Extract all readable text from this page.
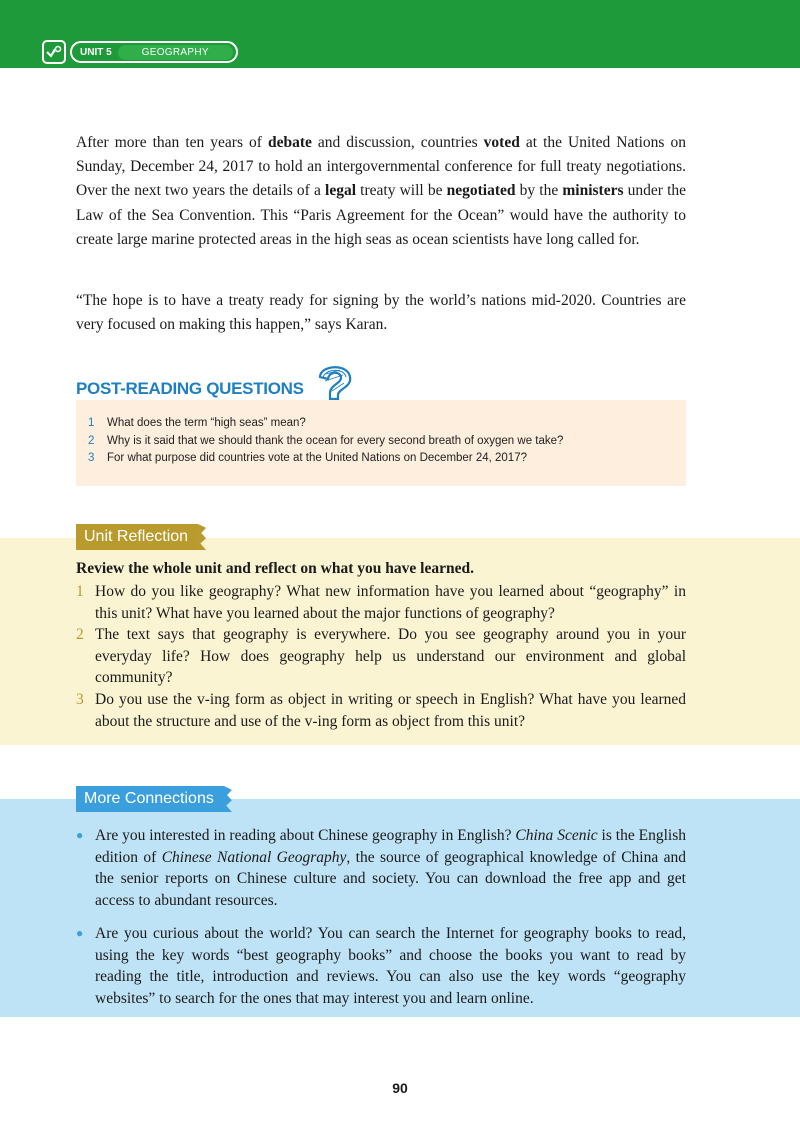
UNIT 5	GEOGRAPHY

After more than ten years of debate and discussion, countries voted at the United Nations on Sunday, December 24, 2017 to hold an intergovernmental conference for full treaty negotiations. Over the next two years the details of a legal treaty will be negotiated by the ministers under the Law of the Sea Convention. This “Paris Agreement for the Ocean” would have the authority to create large marine protected areas in the high seas as ocean scientists have long called for.

“The hope is to have a treaty ready for signing by the world’s nations mid-2020. Countries are very focused on making this happen,” says Karan.

POST-READING QUESTIONS
1	What does the term “high seas” mean?
2	Why is it said that we should thank the ocean for every second breath of oxygen we take?
3	For what purpose did countries vote at the United Nations on December 24, 2017?
Unit Reflection
Review the whole unit and reflect on what you have learned.
1 How do you like geography? What new information have you learned about “geography” in this unit? What have you learned about the major functions of geography?
2 The text says that geography is everywhere. Do you see geography around you in your everyday life? How does geography help us understand our environment and global community?
3 Do you use the v-ing form as object in writing or speech in English? What have you learned about the structure and use of the v-ing form as object from this unit?
More Connections
● Are you interested in reading about Chinese geography in English? China Scenic is the English edition of Chinese National Geography, the source of geographical knowledge of China and the senior reports on Chinese culture and society. You can download the free app and get access to abundant resources.
● Are you curious about the world? You can search the Internet for geography books to read, using the key words “best geography books” and choose the books you want to read by reading the title, introduction and reviews. You can also use the key words “geography websites” to search for the ones that may interest you and learn online.
90
